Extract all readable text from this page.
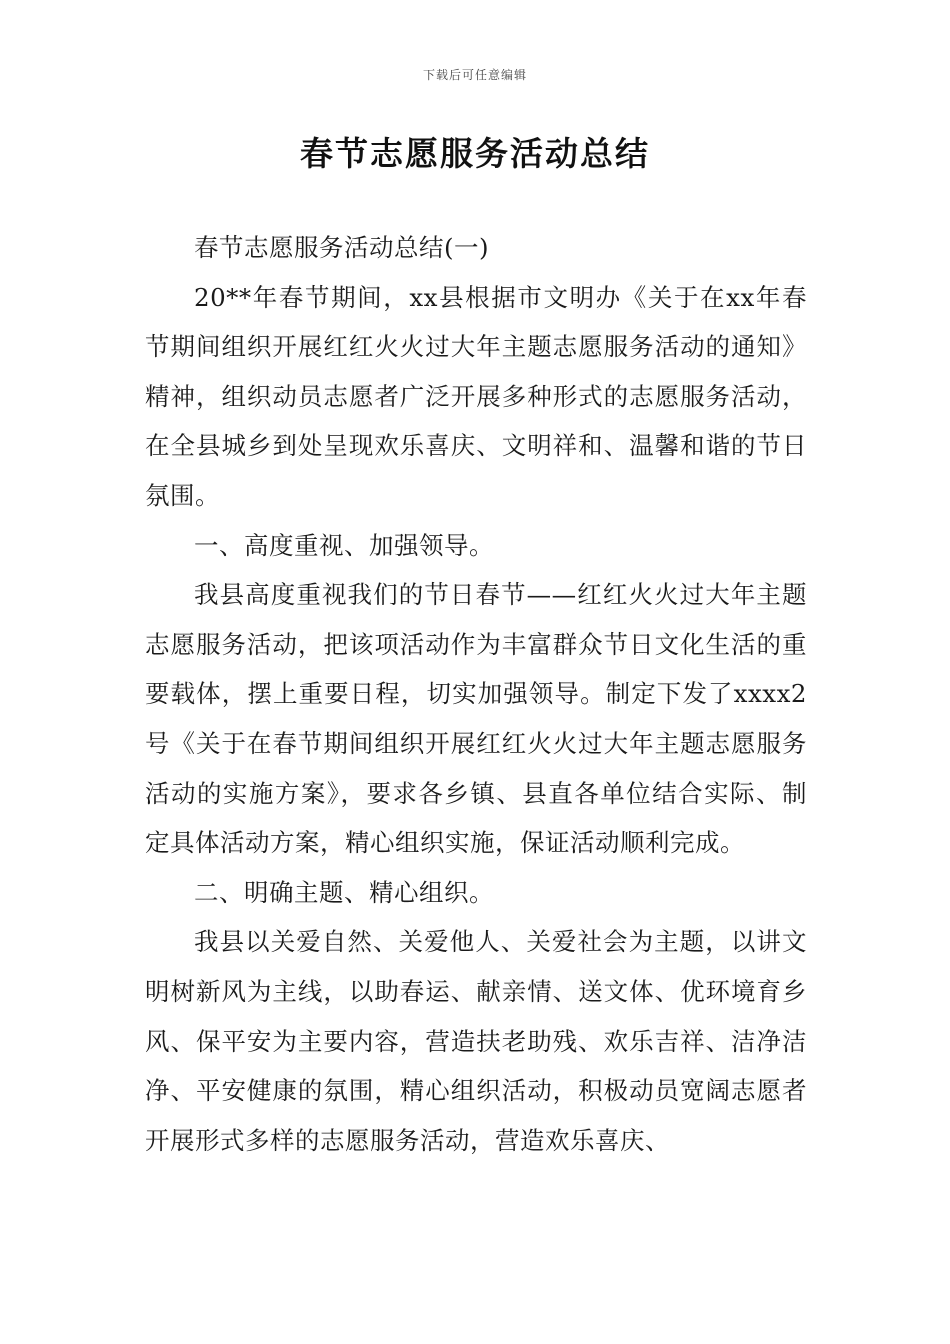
下载后可任意编辑
春节志愿服务活动总结

春节志愿服务活动总结(一)

20**年春节期间，xx县根据市文明办《关于在xx年春节期间组织开展红红火火过大年主题志愿服务活动的通知》精神，组织动员志愿者广泛开展多种形式的志愿服务活动，在全县城乡到处呈现欢乐喜庆、文明祥和、温馨和谐的节日氛围。

一、高度重视、加强领导。

我县高度重视我们的节日春节——红红火火过大年主题志愿服务活动，把该项活动作为丰富群众节日文化生活的重要载体，摆上重要日程，切实加强领导。制定下发了xxxx2号《关于在春节期间组织开展红红火火过大年主题志愿服务活动的实施方案》，要求各乡镇、县直各单位结合实际、制定具体活动方案，精心组织实施，保证活动顺利完成。

二、明确主题、精心组织。

我县以关爱自然、关爱他人、关爱社会为主题，以讲文明树新风为主线，以助春运、献亲情、送文体、优环境育乡风、保平安为主要内容，营造扶老助残、欢乐吉祥、洁净洁净、平安健康的氛围，精心组织活动，积极动员宽阔志愿者开展形式多样的志愿服务活动，营造欢乐喜庆、
